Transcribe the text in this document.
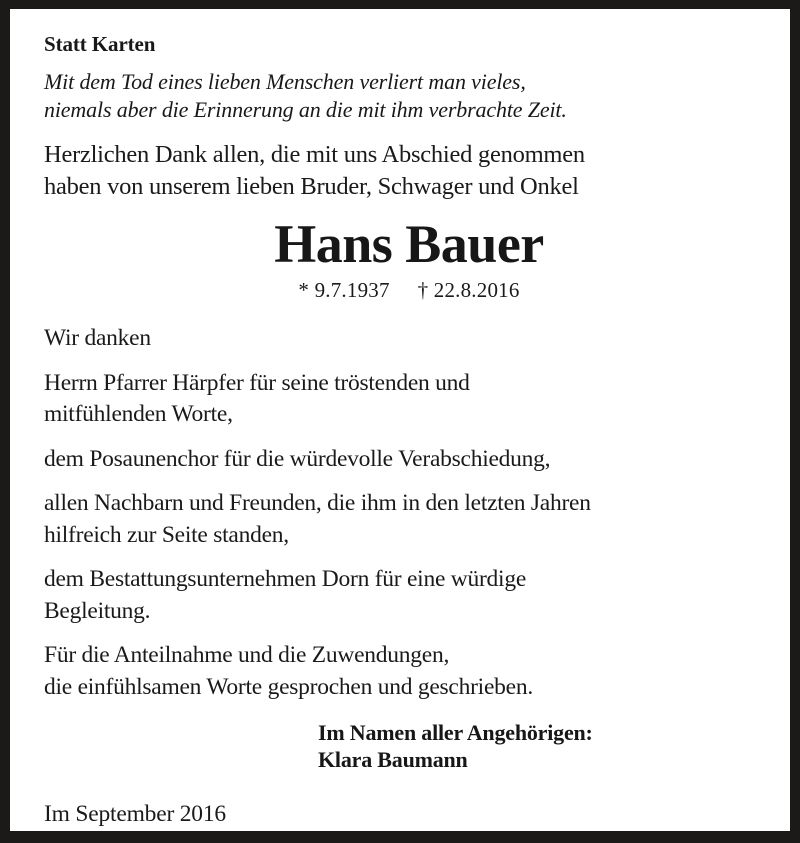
Statt Karten
Mit dem Tod eines lieben Menschen verliert man vieles,
niemals aber die Erinnerung an die mit ihm verbrachte Zeit.
Herzlichen Dank allen, die mit uns Abschied genommen
haben von unserem lieben Bruder, Schwager und Onkel
Hans Bauer
* 9.7.1937 † 22.8.2016
Wir danken
Herrn Pfarrer Härpfer für seine tröstenden und
mitfühlenden Worte,
dem Posaunenchor für die würdevolle Verabschiedung,
allen Nachbarn und Freunden, die ihm in den letzten Jahren
hilfreich zur Seite standen,
dem Bestattungsunternehmen Dorn für eine würdige
Begleitung.
Für die Anteilnahme und die Zuwendungen,
die einfühlsamen Worte gesprochen und geschrieben.
Im Namen aller Angehörigen:
Klara Baumann
Im September 2016
